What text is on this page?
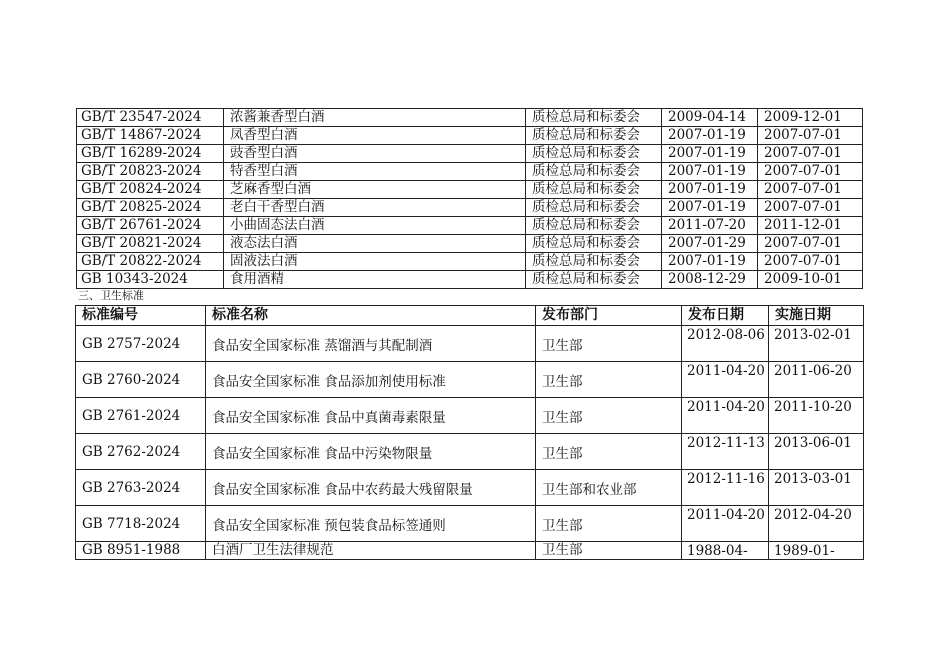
GB/T 23547-2024	浓酱兼香型白酒	质检总局和标委会	2009-04-14	2009-12-01
GB/T 14867-2024	凤香型白酒	质检总局和标委会	2007-01-19	2007-07-01
GB/T 16289-2024	豉香型白酒	质检总局和标委会	2007-01-19	2007-07-01
GB/T 20823-2024	特香型白酒	质检总局和标委会	2007-01-19	2007-07-01
GB/T 20824-2024	芝麻香型白酒	质检总局和标委会	2007-01-19	2007-07-01
GB/T 20825-2024	老白干香型白酒	质检总局和标委会	2007-01-19	2007-07-01
GB/T 26761-2024	小曲固态法白酒	质检总局和标委会	2011-07-20	2011-12-01
GB/T 20821-2024	液态法白酒	质检总局和标委会	2007-01-29	2007-07-01
GB/T 20822-2024	固液法白酒	质检总局和标委会	2007-01-19	2007-07-01
GB 10343-2024	食用酒精	质检总局和标委会	2008-12-29	2009-10-01
三、卫生标准
标准编号	标准名称	发布部门	发布日期	实施日期
GB 2757-2024	食品安全国家标准 蒸馏酒与其配制酒	卫生部	2012-08-06	2013-02-01
GB 2760-2024	食品安全国家标准 食品添加剂使用标准	卫生部	2011-04-20	2011-06-20
GB 2761-2024	食品安全国家标准 食品中真菌毒素限量	卫生部	2011-04-20	2011-10-20
GB 2762-2024	食品安全国家标准 食品中污染物限量	卫生部	2012-11-13	2013-06-01
GB 2763-2024	食品安全国家标准 食品中农药最大残留限量	卫生部和农业部	2012-11-16	2013-03-01
GB 7718-2024	食品安全国家标准 预包装食品标签通则	卫生部	2011-04-20	2012-04-20
GB 8951-1988	白酒厂卫生法律规范	卫生部	1988-04-	1989-01-
